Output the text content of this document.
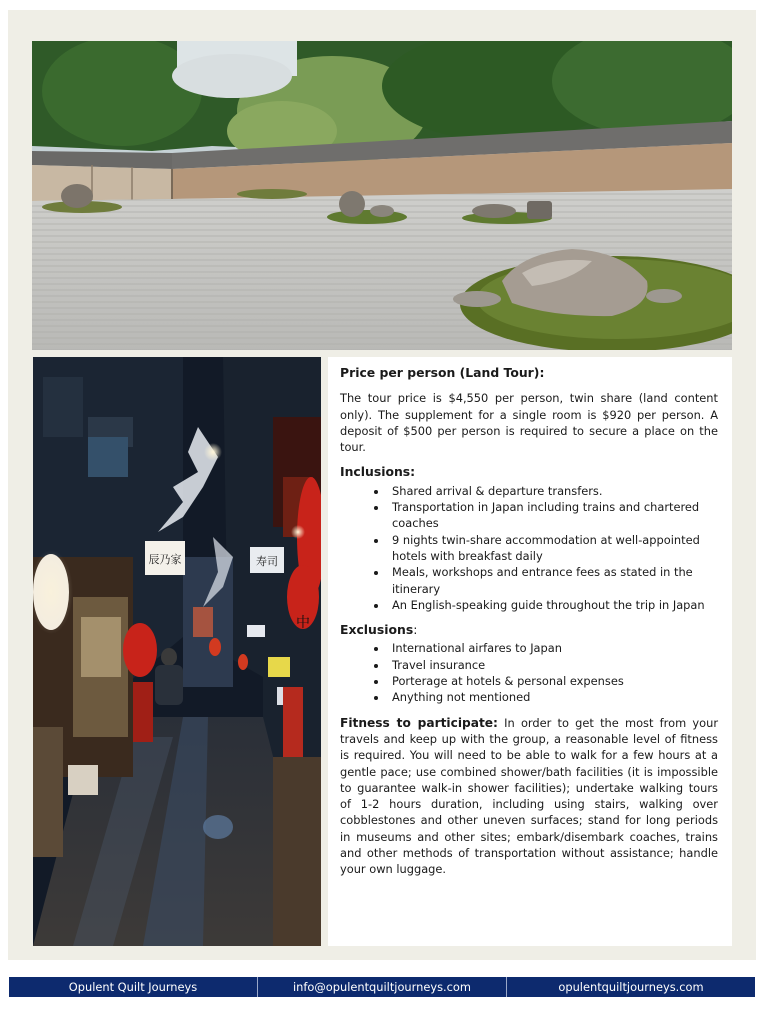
辰乃家	寿司
中
Price per person (Land Tour):
The tour price is $4,550 per person, twin share (land content only). The supplement for a single room is $920 per person. A deposit of $500 per person is required to secure a place on the tour.
Inclusions:
• Shared arrival & departure transfers.
• Transportation in Japan including trains and chartered coaches
• 9 nights twin-share accommodation at well-appointed hotels with breakfast daily
• Meals, workshops and entrance fees as stated in the itinerary
• An English-speaking guide throughout the trip in Japan
Exclusions:
• International airfares to Japan
• Travel insurance
• Porterage at hotels & personal expenses
• Anything not mentioned

Fitness to participate: In order to get the most from your travels and keep up with the group, a reasonable level of fitness is required. You will need to be able to walk for a few hours at a gentle pace; use combined shower/bath facilities (it is impossible to guarantee walk-in shower facilities); undertake walking tours of 1-2 hours duration, including using stairs, walking over cobblestones and other uneven surfaces; stand for long periods in museums and other sites; embark/disembark coaches, trains and other methods of transportation without assistance; handle your own luggage.

Opulent Quilt Journeys	info@opulentquiltjourneys.com	opulentquiltjourneys.com
